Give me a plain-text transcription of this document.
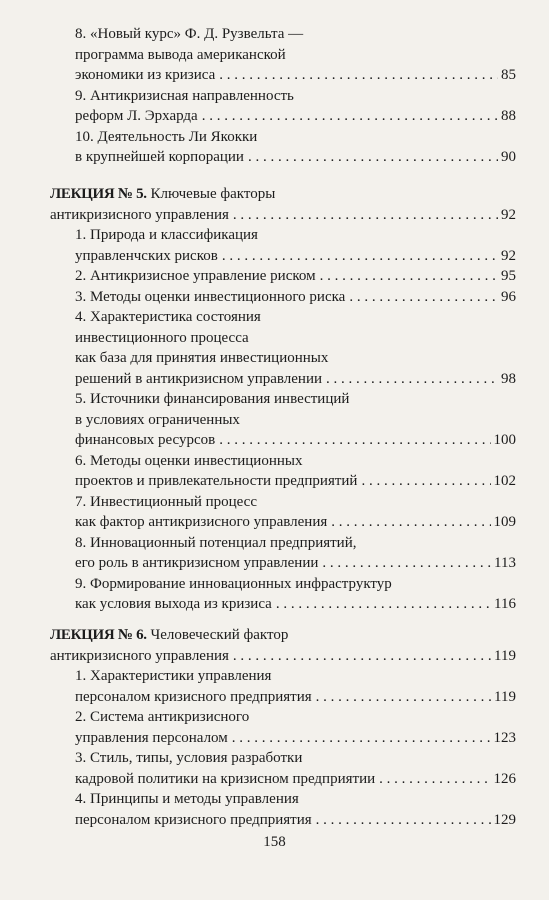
8. «Новый курс» Ф. Д. Рузвельта —
программа вывода американской
экономики из кризиса . . .	85
9. Антикризисная направленность
реформ Л. Эрхарда . . .	88
10. Деятельность Ли Якокки
в крупнейшей корпорации . . .	90
ЛЕКЦИЯ № 5. Ключевые факторы
антикризисного управления . . .	92
1. Природа и классификация
управленчских рисков . . .	92
2. Антикризисное управление риском . . .	95
3. Методы оценки инвестиционного риска . . .	96
4. Характеристика состояния
инвестиционного процесса
как база для принятия инвестиционных
решений в антикризисном управлении . . .	98
5. Источники финансирования инвестиций
в условиях ограниченных
финансовых ресурсов . . .	100
6. Методы оценки инвестиционных
проектов и привлекательности предприятий . . .	102
7. Инвестиционный процесс
как фактор антикризисного управления . . .	109
8. Инновационный потенциал предприятий,
его роль в антикризисном управлении . . .	113
9. Формирование инновационных инфраструктур
как условия выхода из кризиса . . .	116
ЛЕКЦИЯ № 6. Человеческий фактор
антикризисного управления . . .	119
1. Характеристики управления
персоналом кризисного предприятия . . .	119
2. Система антикризисного
управления персоналом . . .	123
3. Стиль, типы, условия разработки
кадровой политики на кризисном предприятии . . .	126
4. Принципы и методы управления
персоналом кризисного предприятия . . .	129
158
